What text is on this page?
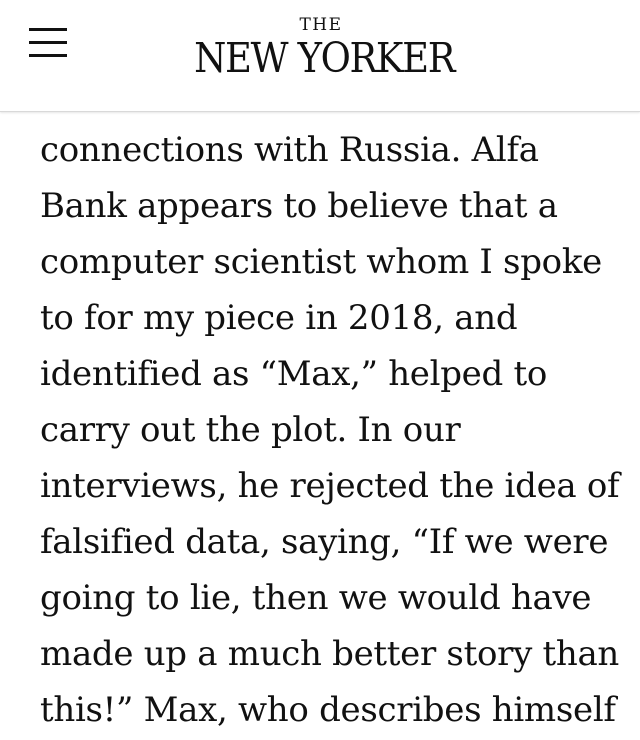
THE
NEW YORKER
connections with Russia. Alfa
Bank appears to believe that a
computer scientist whom I spoke
to for my piece in 2018, and
identified as “Max,” helped to
carry out the plot. In our
interviews, he rejected the idea of
falsified data, saying, “If we were
going to lie, then we would have
made up a much better story than
this!” Max, who describes himself
